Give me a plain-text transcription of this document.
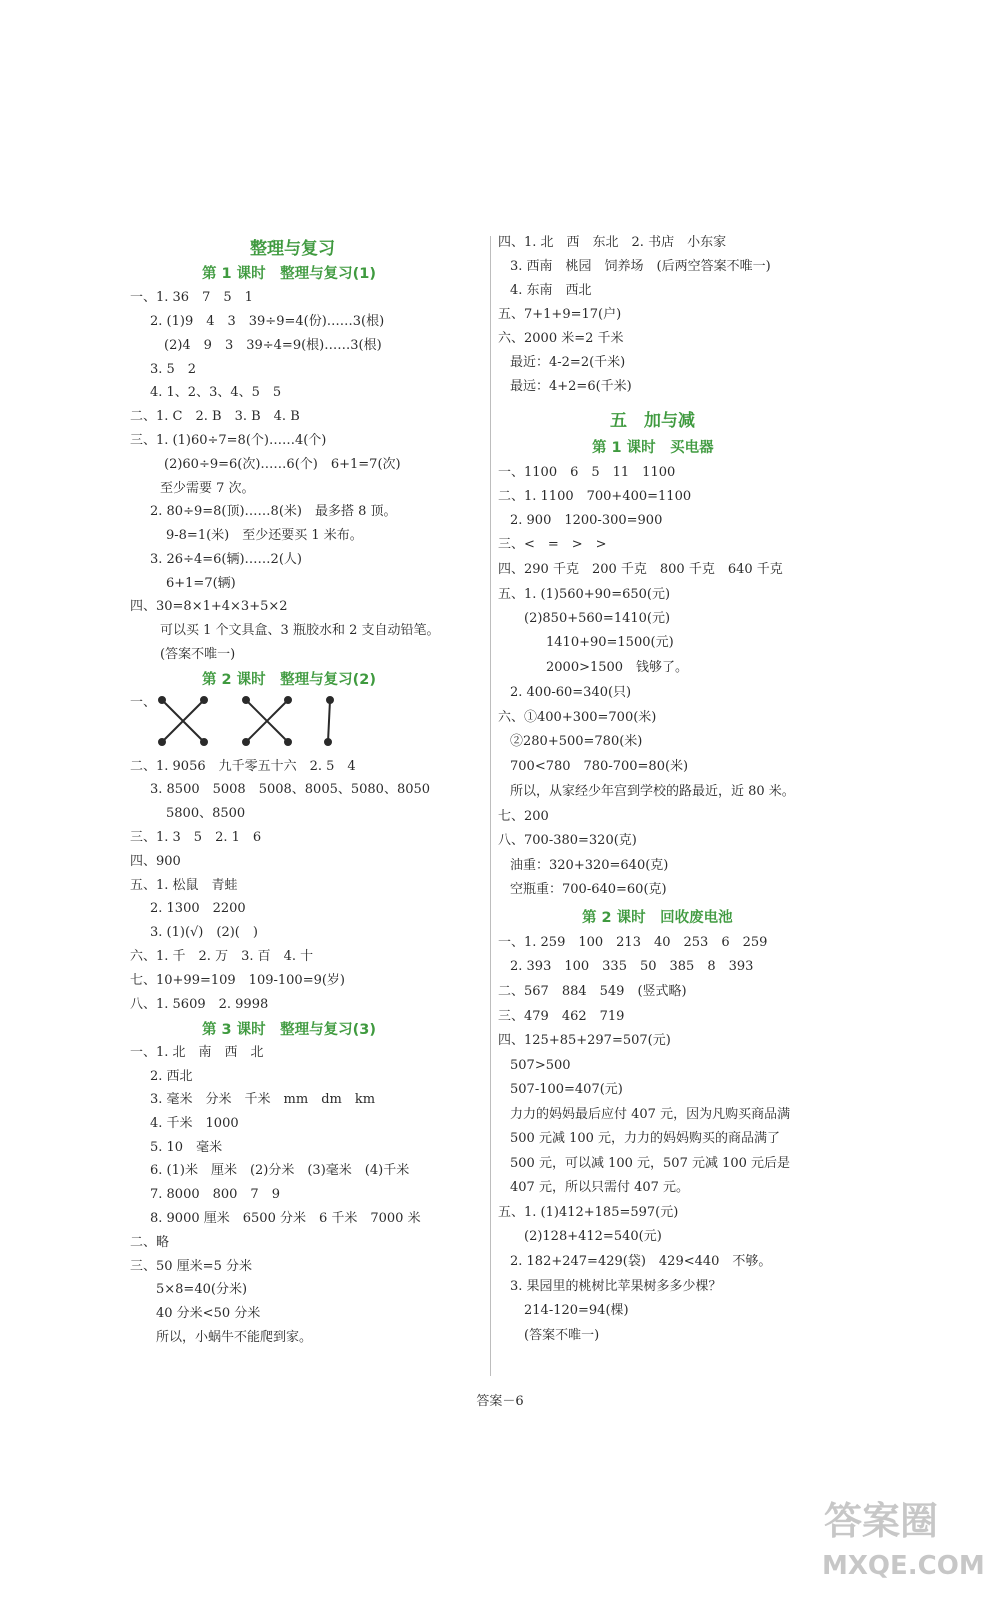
整理与复习
第 1 课时　整理与复习(1)
一、1. 36　7　5　1
2. (1)9　4　3　39÷9=4(份)……3(根)
(2)4　9　3　39÷4=9(根)……3(根)
3. 5　2
4. 1、2、3、4、5　5
二、1. C　2. B　3. B　4. B
三、1. (1)60÷7=8(个)……4(个)
(2)60÷9=6(次)……6(个)　6+1=7(次)
至少需要 7 次。
2. 80÷9=8(顶)……8(米)　最多搭 8 顶。
9-8=1(米)　至少还要买 1 米布。
3. 26÷4=6(辆)……2(人)
6+1=7(辆)
四、30=8×1+4×3+5×2
可以买 1 个文具盒、3 瓶胶水和 2 支自动铅笔。
(答案不唯一)
第 2 课时　整理与复习(2)
一、
二、1. 9056　九千零五十六　2. 5　4
3. 8500　5008　5008、8005、5080、8050
5800、8500
三、1. 3　5　2. 1　6
四、900
五、1. 松鼠　青蛙
2. 1300　2200
3. (1)(√)　(2)(　)
六、1. 千　2. 万　3. 百　4. 十
七、10+99=109　109-100=9(岁)
八、1. 5609　2. 9998
第 3 课时　整理与复习(3)
一、1. 北　南　西　北
2. 西北
3. 毫米　分米　千米　mm　dm　km
4. 千米　1000
5. 10　毫米
6. (1)米　厘米　(2)分米　(3)毫米　(4)千米
7. 8000　800　7　9
8. 9000 厘米　6500 分米　6 千米　7000 米
二、略
三、50 厘米=5 分米
5×8=40(分米)
40 分米<50 分米
所以，小蜗牛不能爬到家。
四、1. 北　西　东北　2. 书店　小东家
3. 西南　桃园　饲养场　(后两空答案不唯一)
4. 东南　西北
五、7+1+9=17(户)
六、2000 米=2 千米
最近：4-2=2(千米)
最远：4+2=6(千米)
五　加与减
第 1 课时　买电器
一、1100　6　5　11　1100
二、1. 1100　700+400=1100
2. 900　1200-300=900
三、<　=　>　>
四、290 千克　200 千克　800 千克　640 千克
五、1. (1)560+90=650(元)
(2)850+560=1410(元)
1410+90=1500(元)
2000>1500　钱够了。
2. 400-60=340(只)
六、①400+300=700(米)
②280+500=780(米)
700<780　780-700=80(米)
所以，从家经少年宫到学校的路最近，近 80 米。
七、200
八、700-380=320(克)
油重：320+320=640(克)
空瓶重：700-640=60(克)
第 2 课时　回收废电池
一、1. 259　100　213　40　253　6　259
2. 393　100　335　50　385　8　393
二、567　884　549　(竖式略)
三、479　462　719
四、125+85+297=507(元)
507>500
507-100=407(元)
力力的妈妈最后应付 407 元，因为凡购买商品满
500 元减 100 元，力力的妈妈购买的商品满了
500 元，可以减 100 元，507 元减 100 元后是
407 元，所以只需付 407 元。
五、1. (1)412+185=597(元)
(2)128+412=540(元)
2. 182+247=429(袋)　429<440　不够。
3. 果园里的桃树比苹果树多多少棵？
214-120=94(棵)
(答案不唯一)
答案－6
答案圈
MXQE.COM
